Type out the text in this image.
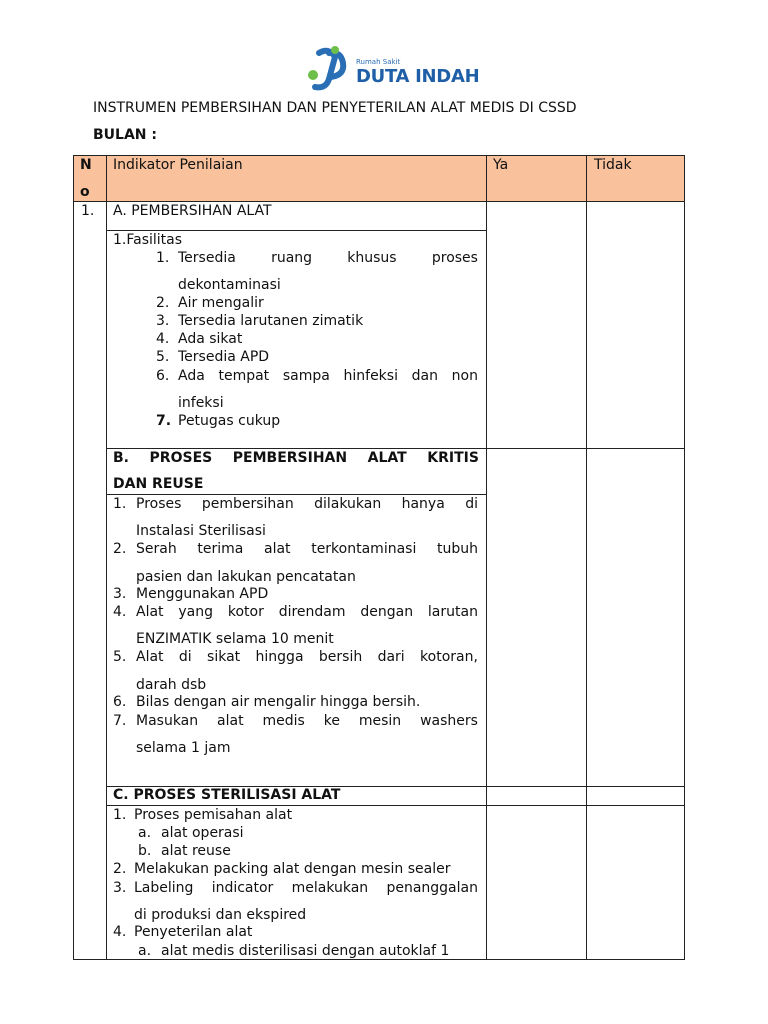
Rumah Sakit
DUTA INDAH
INSTRUMEN PEMBERSIHAN DAN PENYETERILAN ALAT MEDIS DI CSSD
BULAN :
N
o
Indikator Penilaian	Ya	Tidak
1. A. PEMBERSIHAN ALAT
1.Fasilitas
1. Tersedia	ruang	khusus	proses
dekontaminasi
2. Air mengalir
3. Tersedia larutanen zimatik
4. Ada sikat
5. Tersedia APD
6. Ada tempat sampa hinfeksi dan non
infeksi
7. Petugas cukup
B. PROSES PEMBERSIHAN ALAT KRITIS
DAN REUSE
1. Proses pembersihan dilakukan hanya di
Instalasi Sterilisasi
2. Serah terima alat terkontaminasi tubuh
pasien dan lakukan pencatatan
3. Menggunakan APD
4. Alat yang kotor direndam dengan larutan
ENZIMATIK selama 10 menit
5. Alat di sikat hingga bersih dari kotoran,
darah dsb
6. Bilas dengan air mengalir hingga bersih.
7. Masukan alat medis ke mesin washers
selama 1 jam
C. PROSES STERILISASI ALAT
1. Proses pemisahan alat
a. alat operasi
b. alat reuse
2. Melakukan packing alat dengan mesin sealer
3. Labeling indicator melakukan penanggalan
di produksi dan ekspired
4. Penyeterilan alat
a. alat medis disterilisasi dengan autoklaf 1
